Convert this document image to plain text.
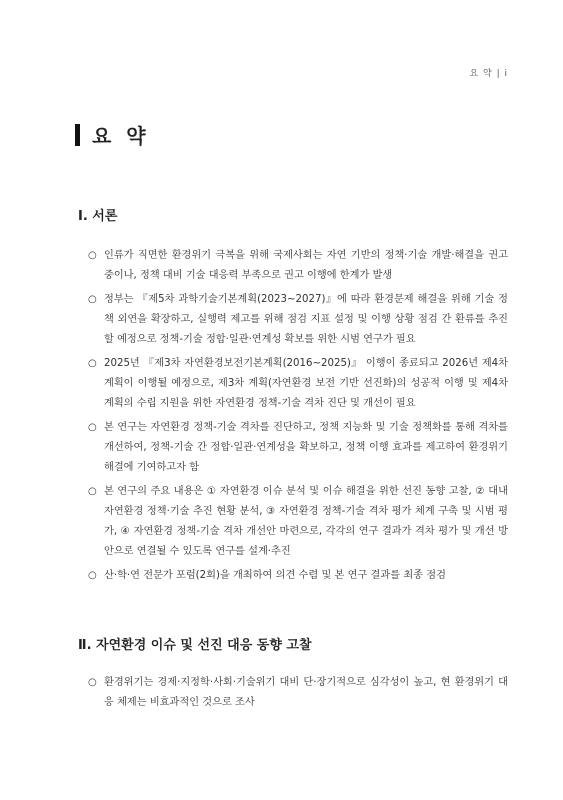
요 약 | i
요 약
Ⅰ. 서론
○ 인류가 직면한 환경위기 극복을 위해 국제사회는 자연 기반의 정책·기술 개발·해결을 권고 중이나, 정책 대비 기술 대응력 부족으로 권고 이행에 한계가 발생
○ 정부는 『제5차 과학기술기본계획(2023~2027)』에 따라 환경문제 해결을 위해 기술 정책 외연을 확장하고, 실행력 제고를 위해 점검 지표 설정 및 이행 상황 점검 간 환류를 추진할 예정으로 정책-기술 정합·일관·연계성 확보를 위한 시범 연구가 필요
○ 2025년 『제3차 자연환경보전기본계획(2016~2025)』 이행이 종료되고 2026년 제4차 계획이 이행될 예정으로, 제3차 계획(자연환경 보전 기반 선진화)의 성공적 이행 및 제4차 계획의 수립 지원을 위한 자연환경 정책-기술 격차 진단 및 개선이 필요
○ 본 연구는 자연환경 정책-기술 격차를 진단하고, 정책 지능화 및 기술 정책화를 통해 격차를 개선하여, 정책-기술 간 정합·일관·연계성을 확보하고, 정책 이행 효과를 제고하여 환경위기 해결에 기여하고자 함
○ 본 연구의 주요 내용은 ① 자연환경 이슈 분석 및 이슈 해결을 위한 선진 동향 고찰, ② 대내 자연환경 정책·기술 추진 현황 분석, ③ 자연환경 정책-기술 격차 평가 체계 구축 및 시범 평가, ④ 자연환경 정책-기술 격차 개선안 마련으로, 각각의 연구 결과가 격차 평가 및 개선 방안으로 연결될 수 있도록 연구를 설계·추진
○ 산·학·연 전문가 포럼(2회)을 개최하여 의견 수렴 및 본 연구 결과를 최종 점검
Ⅱ. 자연환경 이슈 및 선진 대응 동향 고찰
○ 환경위기는 경제·지정학·사회·기술위기 대비 단·장기적으로 심각성이 높고, 현 환경위기 대응 체제는 비효과적인 것으로 조사
